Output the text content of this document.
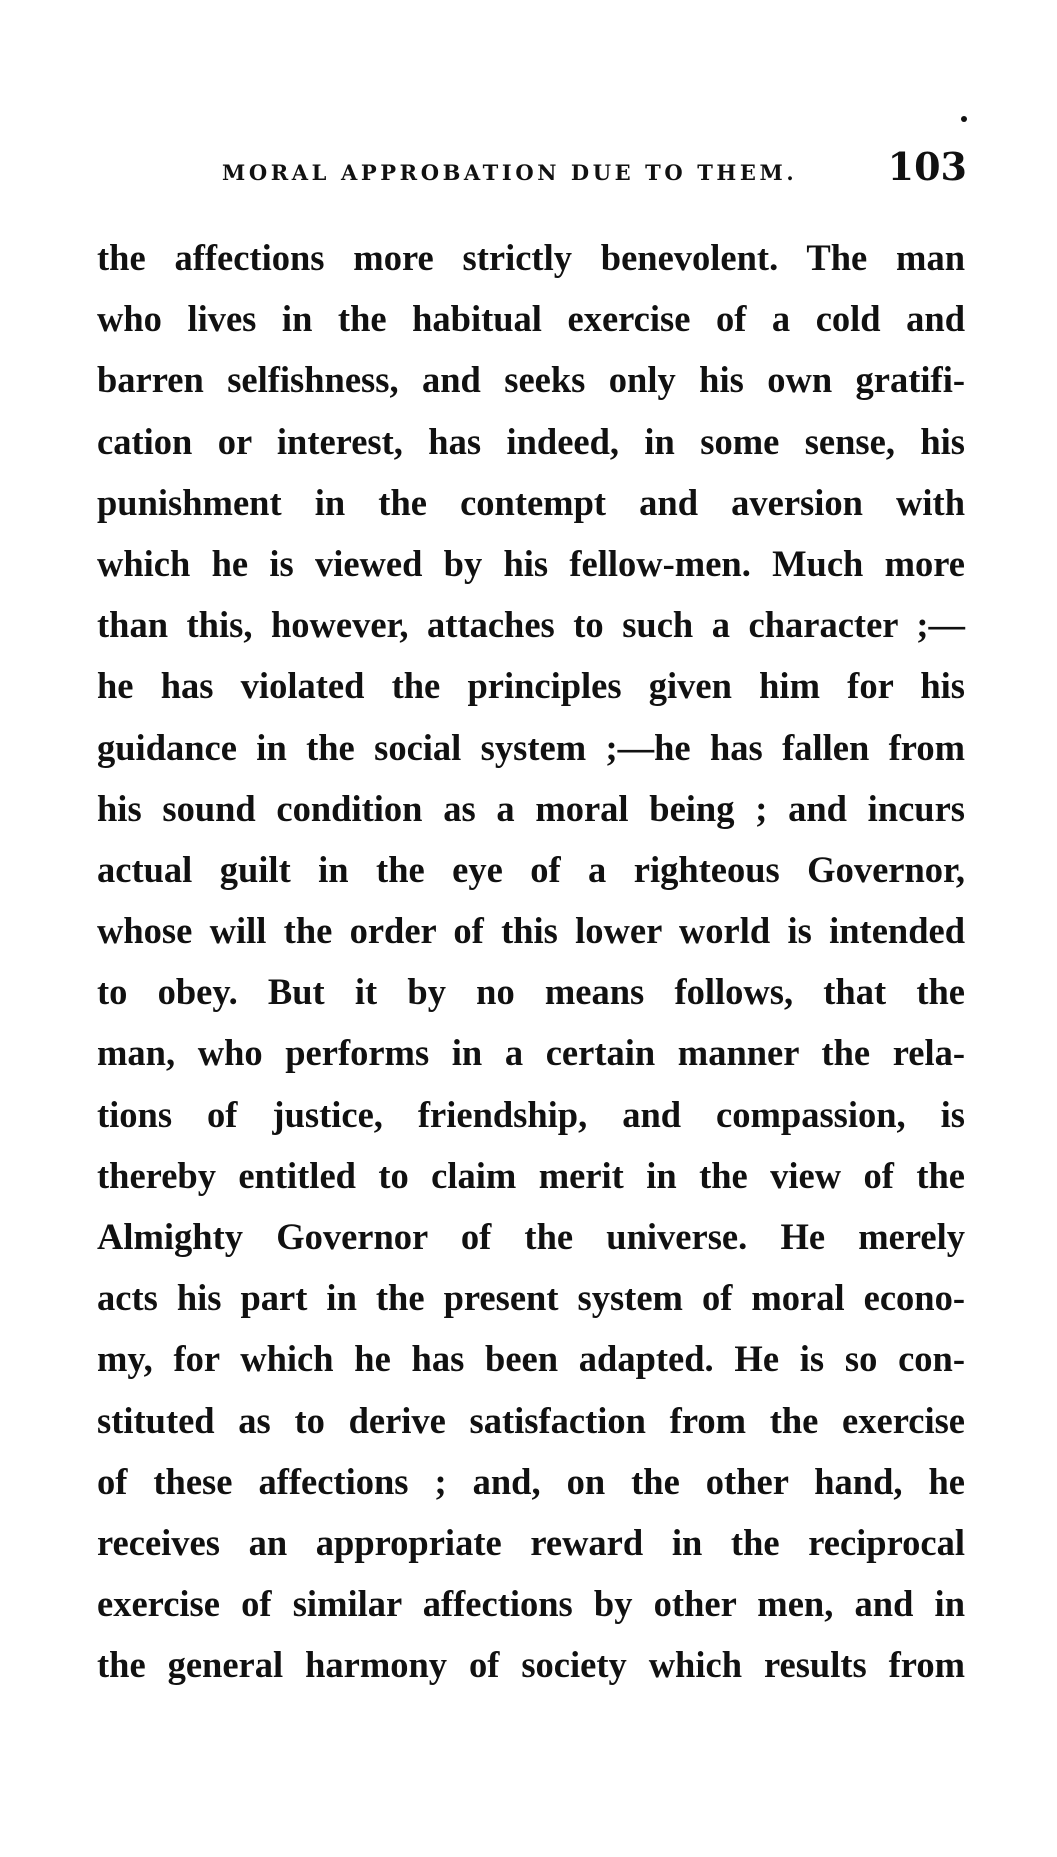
MORAL APPROBATION DUE TO THEM. 103
the affections more strictly benevolent. The man
who lives in the habitual exercise of a cold and
barren selfishness, and seeks only his own gratifi-
cation or interest, has indeed, in some sense, his
punishment in the contempt and aversion with
which he is viewed by his fellow-men. Much more
than this, however, attaches to such a character ;—
he has violated the principles given him for his
guidance in the social system ;—he has fallen from
his sound condition as a moral being ; and incurs
actual guilt in the eye of a righteous Governor,
whose will the order of this lower world is intended
to obey. But it by no means follows, that the
man, who performs in a certain manner the rela-
tions of justice, friendship, and compassion, is
thereby entitled to claim merit in the view of the
Almighty Governor of the universe. He merely
acts his part in the present system of moral econo-
my, for which he has been adapted. He is so con-
stituted as to derive satisfaction from the exercise
of these affections ; and, on the other hand, he
receives an appropriate reward in the reciprocal
exercise of similar affections by other men, and in
the general harmony of society which results from
